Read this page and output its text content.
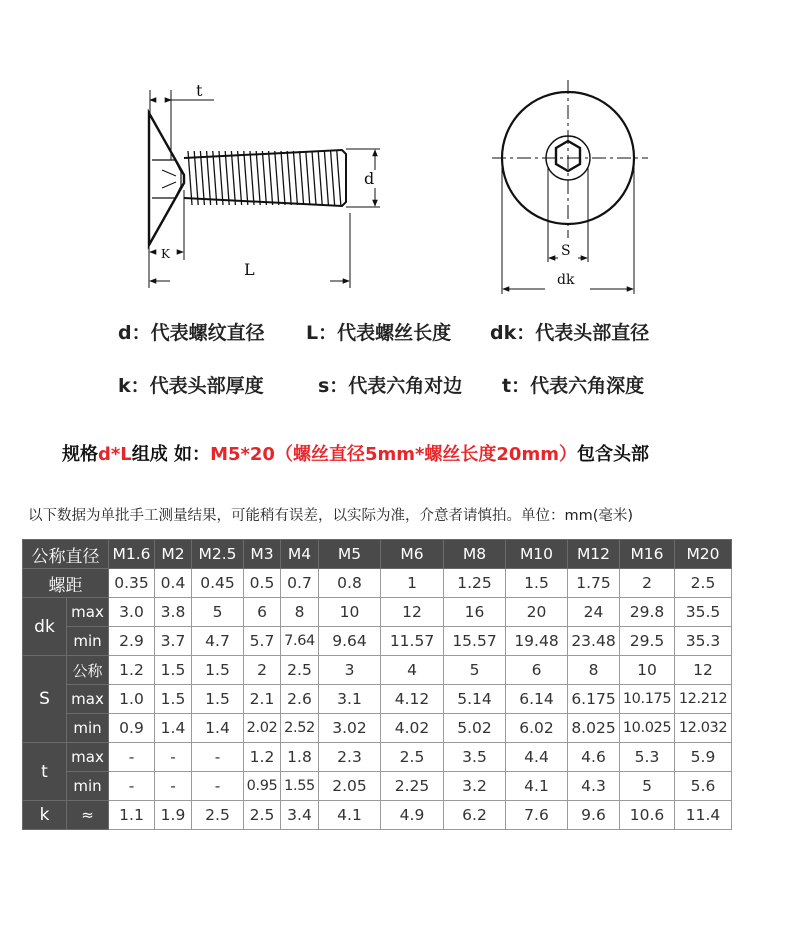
t
d
K
L
S
dk
d：代表螺纹直径 L：代表螺丝长度 dk：代表头部直径
k：代表头部厚度	s：代表六角对边 t：代表六角深度
规格d*L组成 如：M5*20（螺丝直径5mm*螺丝长度20mm）包含头部
以下数据为单批手工测量结果，可能稍有误差，以实际为准，介意者请慎拍。单位：mm(毫米)
公称直径		M1.6	M2	M2.5	M3	M4	M5	M6	M8	M10	M12	M16	M20
螺距		0.35	0.4	0.45	0.5	0.7	0.8	1	1.25	1.5	1.75	2	2.5
dk	max	3.0	3.8	5	6	8	10	12	16	20	24	29.8	35.5
	min	2.9	3.7	4.7	5.7	7.64	9.64	11.57	15.57	19.48	23.48	29.5	35.3
S	公称	1.2	1.5	1.5	2	2.5	3	4	5	6	8	10	12
	max	1.0	1.5	1.5	2.1	2.6	3.1	4.12	5.14	6.14	6.175	10.175	12.212
	min	0.9	1.4	1.4	2.02	2.52	3.02	4.02	5.02	6.02	8.025	10.025	12.032
t	max	-	-	-	1.2	1.8	2.3	2.5	3.5	4.4	4.6	5.3	5.9
	min	-	-	-	0.95	1.55	2.05	2.25	3.2	4.1	4.3	5	5.6
k	≈	1.1	1.9	2.5	2.5	3.4	4.1	4.9	6.2	7.6	9.6	10.6	11.4
